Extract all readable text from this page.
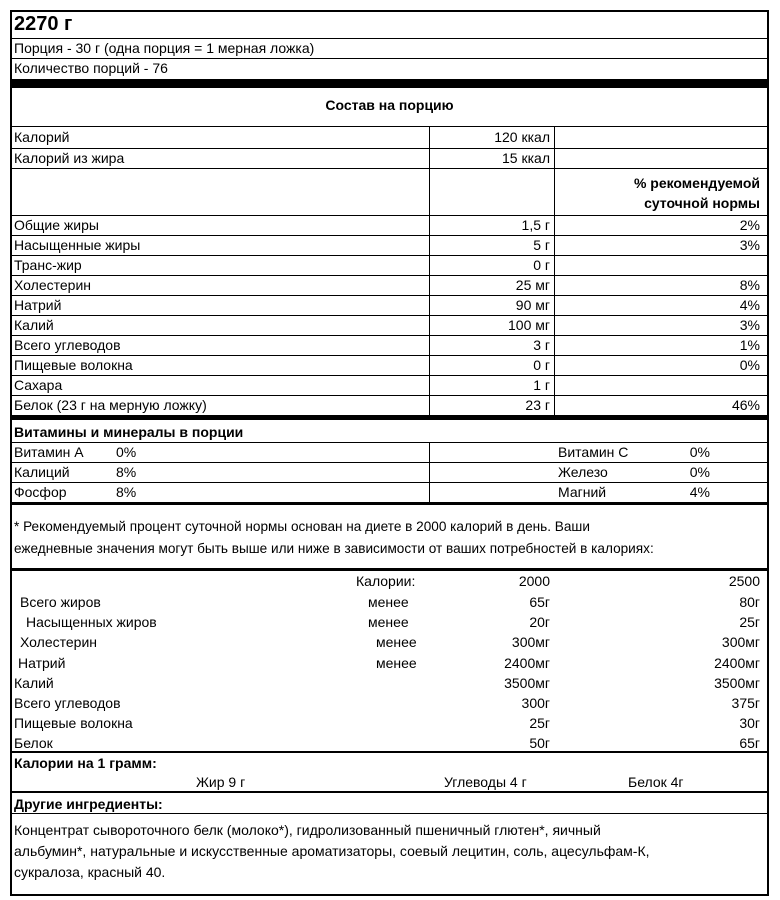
2270 г
Порция - 30 г (одна порция = 1 мерная ложка)
Количество порций - 76
Состав на порцию
Калорий	120 ккал
Калорий из жира	15 ккал
% рекомендуемой
суточной нормы
Общие жиры	1,5 г	2%
Насыщенные жиры	5 г	3%
Транс-жир	0 г
Холестерин	25 мг	8%
Натрий	90 мг	4%
Калий	100 мг	3%
Всего углеводов	3 г	1%
Пищевые волокна	0 г	0%
Сахара	1 г
Белок (23 г на мерную ложку)	23 г	46%
Витамины и минералы в порции
Витамин A 0%	Витамин C	0%
Калиций	8%	Железо	0%
Фосфор	8%	Магний	4%
* Рекомендуемый процент суточной нормы основан на диете в 2000 калорий в день. Ваши
ежедневные значения могут быть выше или ниже в зависимости от ваших потребностей в калориях:
Калории:	2000	2500
Всего жиров	менее	65г	80г
Насыщенных жиров	менее	20г	25г
Холестерин	менее	300мг	300мг
Натрий	менее	2400мг	2400мг
Калий	3500мг	3500мг
Всего углеводов	300г	375г
Пищевые волокна	25г	30г
Белок	50г	65г
Калории на 1 грамм:
Жир 9 г	Углеводы 4 г	Белок 4г
Другие ингредиенты:
Концентрат сывороточного белк (молоко*), гидролизованный пшеничный глютен*, яичный
альбумин*, натуральные и искусственные ароматизаторы, соевый лецитин, соль, ацесульфам-К,
сукралоза, красный 40.
